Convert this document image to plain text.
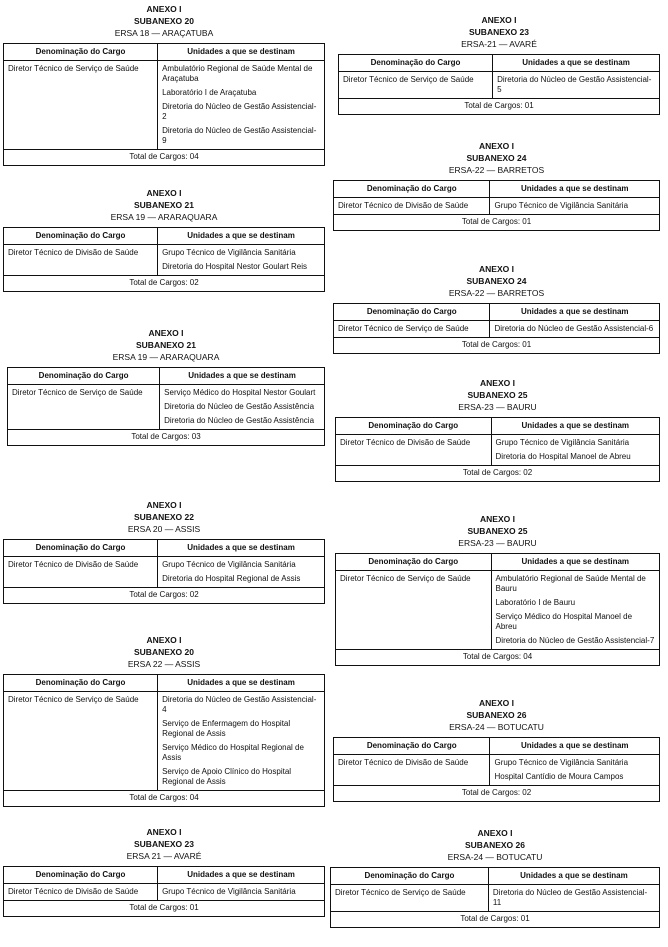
ANEXO I
SUBANEXO 20
ERSA 18 — ARAÇATUBA
Denominação do Cargo	Unidades a que se destinam
Diretor Técnico de Serviço de Saúde	Ambulatório Regional de Saúde Mental de Araçatuba
Laboratório I de Araçatuba
Diretoria do Núcleo de Gestão Assistencial-2
Diretoria do Núcleo de Gestão Assistencial-9

Total de Cargos: 04	
ANEXO I
SUBANEXO 21
ERSA 19 — ARARAQUARA
Denominação do Cargo	Unidades a que se destinam
Diretor Técnico de Divisão de Saúde	Grupo Técnico de Vigilância Sanitária
Diretoria do Hospital Nestor Goulart Reis

Total de Cargos: 02	
ANEXO I
SUBANEXO 21
ERSA 19 — ARARAQUARA
Denominação do Cargo	Unidades a que se destinam
Diretor Técnico de Serviço de Saúde	Serviço Médico do Hospital Nestor Goulart
Diretoria do Núcleo de Gestão Assistência
Diretoria do Núcleo de Gestão Assistência

Total de Cargos: 03	
ANEXO I
SUBANEXO 22
ERSA 20 — ASSIS
Denominação do Cargo	Unidades a que se destinam
Diretor Técnico de Divisão de Saúde	Grupo Técnico de Vigilância Sanitária
Diretoria do Hospital Regional de Assis

Total de Cargos: 02	
ANEXO I
SUBANEXO 20
ERSA 22 — ASSIS
Denominação do Cargo	Unidades a que se destinam
Diretor Técnico de Serviço de Saúde	Diretoria do Núcleo de Gestão Assistencial-4
Serviço de Enfermagem do Hospital Regional de Assis
Serviço Médico do Hospital Regional de Assis
Serviço de Apoio Clínico do Hospital Regional de Assis

Total de Cargos: 04	
ANEXO I
SUBANEXO 23
ERSA 21 — AVARÉ
Denominação do Cargo	Unidades a que se destinam
Diretor Técnico de Divisão de Saúde	Grupo Técnico de Vigilância Sanitária

Total de Cargos: 01	
ANEXO I
SUBANEXO 23
ERSA-21 — AVARÉ
Denominação do Cargo	Unidades a que se destinam
Diretor Técnico de Serviço de Saúde	Diretoria do Núcleo de Gestão Assistencial-5

Total de Cargos: 01	
ANEXO I
SUBANEXO 24
ERSA-22 — BARRETOS
Denominação do Cargo	Unidades a que se destinam
Diretor Técnico de Divisão de Saúde	Grupo Técnico de Vigilância Sanitária

Total de Cargos: 01	
ANEXO I
SUBANEXO 24
ERSA-22 — BARRETOS
Denominação do Cargo	Unidades a que se destinam
Diretor Técnico de Serviço de Saúde	Diretoria do Núcleo de Gestão Assistencial-6

Total de Cargos: 01	
ANEXO I
SUBANEXO 25
ERSA-23 — BAURU
Denominação do Cargo	Unidades a que se destinam
Diretor Técnico de Divisão de Saúde	Grupo Técnico de Vigilância Sanitária
Diretoria do Hospital Manoel de Abreu

Total de Cargos: 02	
ANEXO I
SUBANEXO 25
ERSA-23 — BAURU
Denominação do Cargo	Unidades a que se destinam
Diretor Técnico de Serviço de Saúde	Ambulatório Regional de Saúde Mental de Bauru
Laboratório I de Bauru
Serviço Médico do Hospital Manoel de Abreu
Diretoria do Núcleo de Gestão Assistencial-7

Total de Cargos: 04	
ANEXO I
SUBANEXO 26
ERSA-24 — BOTUCATU
Denominação do Cargo	Unidades a que se destinam
Diretor Técnico de Divisão de Saúde	Grupo Técnico de Vigilância Sanitária
Hospital Cantídio de Moura Campos

Total de Cargos: 02	
ANEXO I
SUBANEXO 26
ERSA-24 — BOTUCATU
Denominação do Cargo	Unidades a que se destinam
Diretor Técnico de Serviço de Saúde	Diretoria do Núcleo de Gestão Assistencial-11

Total de Cargos: 01	
